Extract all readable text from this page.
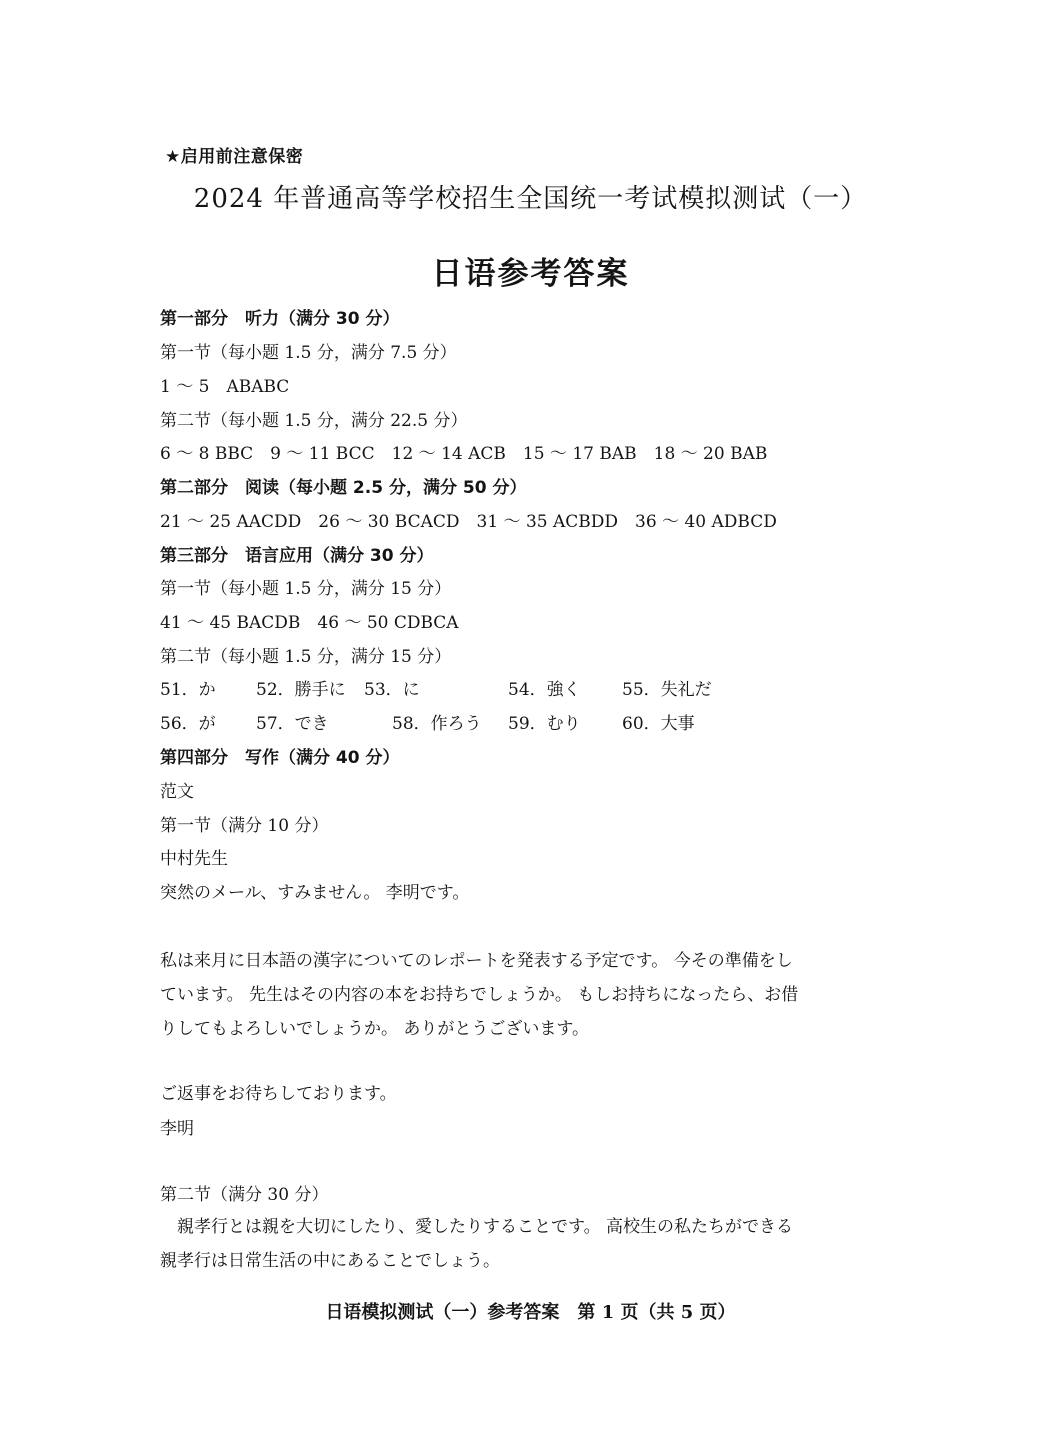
★启用前注意保密
2024 年普通高等学校招生全国统一考试模拟测试（一）
日语参考答案
第一部分　听力（满分 30 分）
第一节（每小题 1.5 分，满分 7.5 分）
1 ～ 5　ABABC
第二节（每小题 1.5 分，满分 22.5 分）
6 ～ 8 BBC　9 ～ 11 BCC　12 ～ 14 ACB　15 ～ 17 BAB　18 ～ 20 BAB
第二部分　阅读（每小题 2.5 分，满分 50 分）
21 ～ 25 AACDD　26 ～ 30 BCACD　31 ～ 35 ACBDD　36 ～ 40 ADBCD
第三部分　语言应用（满分 30 分）
第一节（每小题 1.5 分，满分 15 分）
41 ～ 45 BACDB　46 ～ 50 CDBCA
第二节（每小题 1.5 分，满分 15 分）
51．か 52．勝手に 53．に	54．強く 55．失礼だ
56．が 57．でき	58．作ろう 59．むり 60．大事
第四部分　写作（满分 40 分）
范文
第一节（满分 10 分）
中村先生
突然のメール、すみません。 李明です。
私は来月に日本語の漢字についてのレポートを発表する予定です。 今その準備をし
ています。 先生はその内容の本をお持ちでしょうか。 もしお持ちになったら、お借
りしてもよろしいでしょうか。 ありがとうございます。
ご返事をお待ちしております。
李明
第二节（满分 30 分）
　親孝行とは親を大切にしたり、愛したりすることです。 高校生の私たちができる
親孝行は日常生活の中にあることでしょう。
日语模拟测试（一）参考答案　第 1 页（共 5 页）
